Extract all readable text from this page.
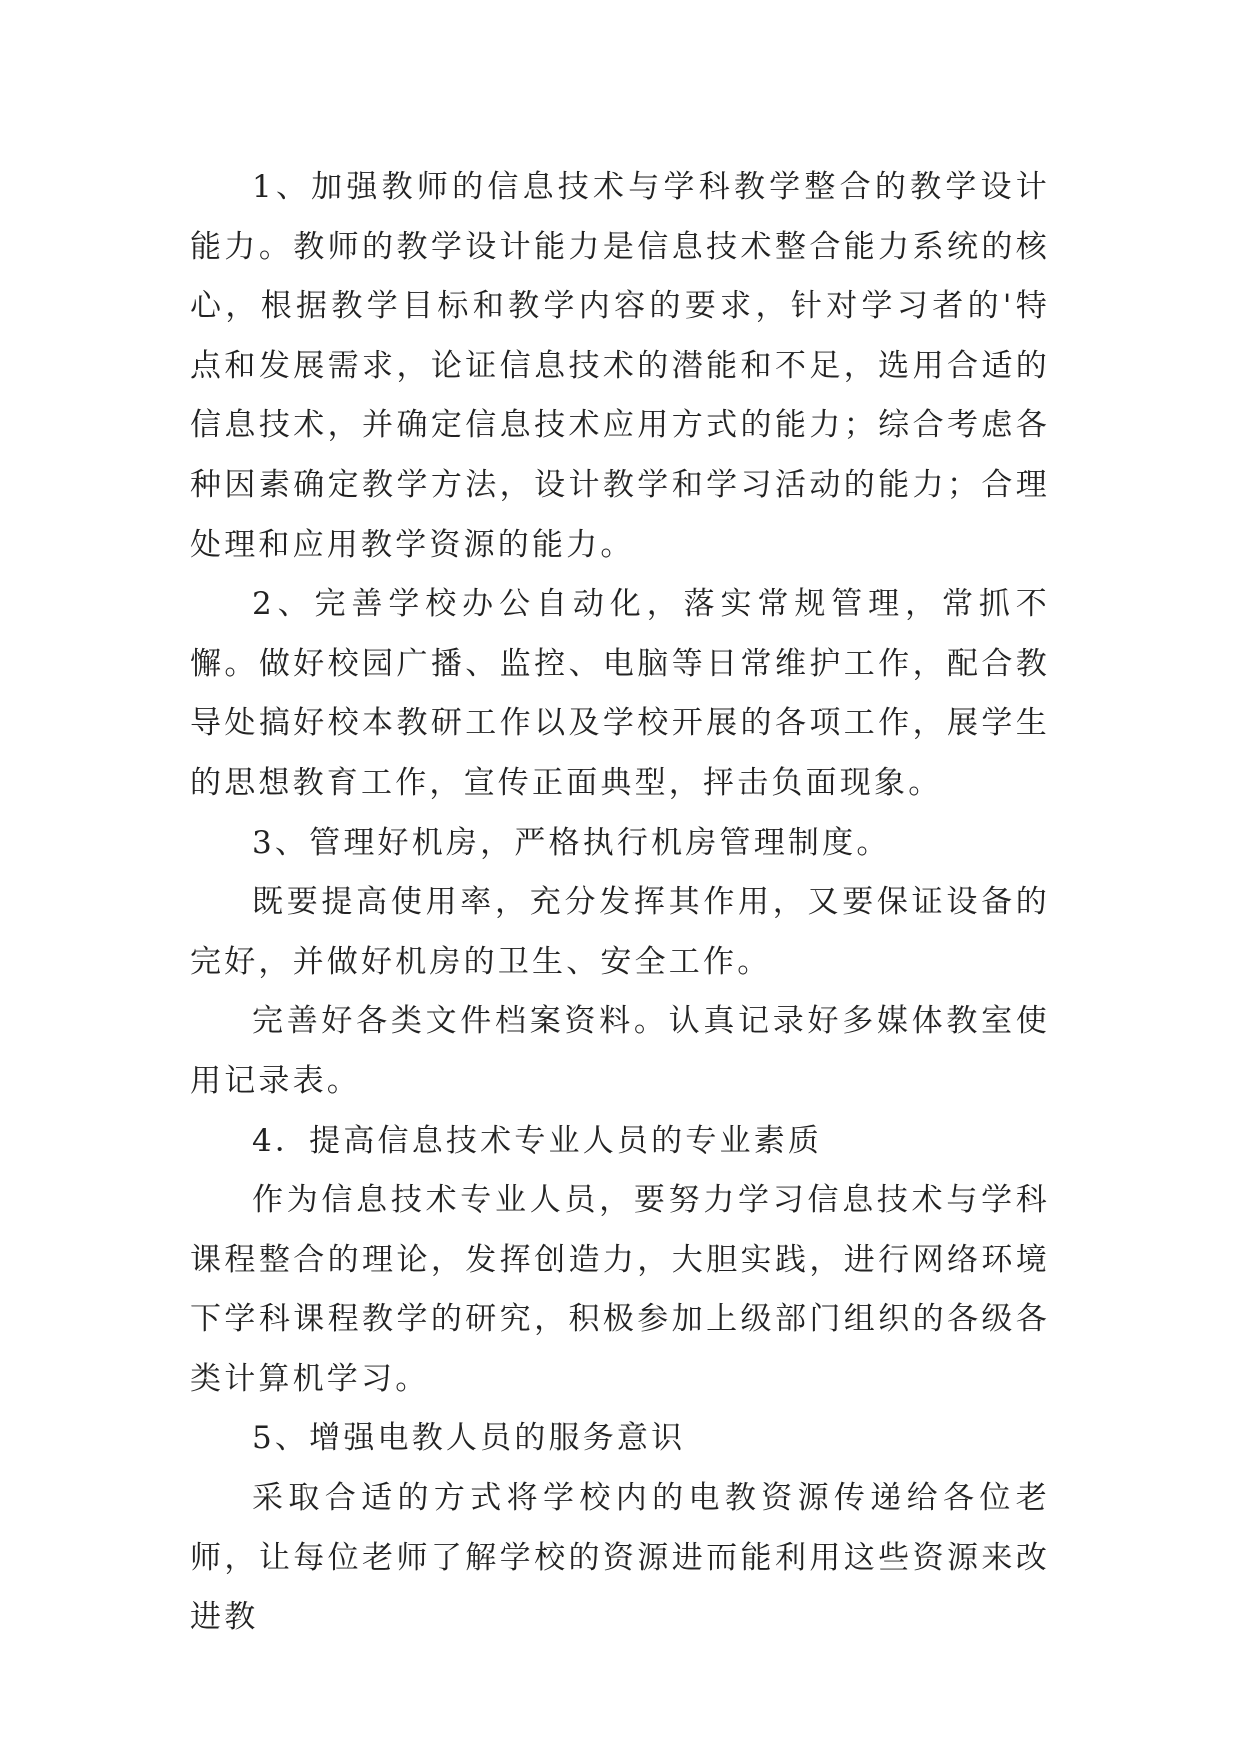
1、加强教师的信息技术与学科教学整合的教学设计能力。教师的教学设计能力是信息技术整合能力系统的核心，根据教学目标和教学内容的要求，针对学习者的'特点和发展需求，论证信息技术的潜能和不足，选用合适的信息技术，并确定信息技术应用方式的能力；综合考虑各种因素确定教学方法，设计教学和学习活动的能力；合理处理和应用教学资源的能力。

2、完善学校办公自动化，落实常规管理，常抓不懈。做好校园广播、监控、电脑等日常维护工作，配合教导处搞好校本教研工作以及学校开展的各项工作，展学生的思想教育工作，宣传正面典型，抨击负面现象。

3、管理好机房，严格执行机房管理制度。

既要提高使用率，充分发挥其作用，又要保证设备的完好，并做好机房的卫生、安全工作。

完善好各类文件档案资料。认真记录好多媒体教室使用记录表。

4．提高信息技术专业人员的专业素质

作为信息技术专业人员，要努力学习信息技术与学科课程整合的理论，发挥创造力，大胆实践，进行网络环境下学科课程教学的研究，积极参加上级部门组织的各级各类计算机学习。

5、增强电教人员的服务意识

采取合适的方式将学校内的电教资源传递给各位老师，让每位老师了解学校的资源进而能利用这些资源来改进教
